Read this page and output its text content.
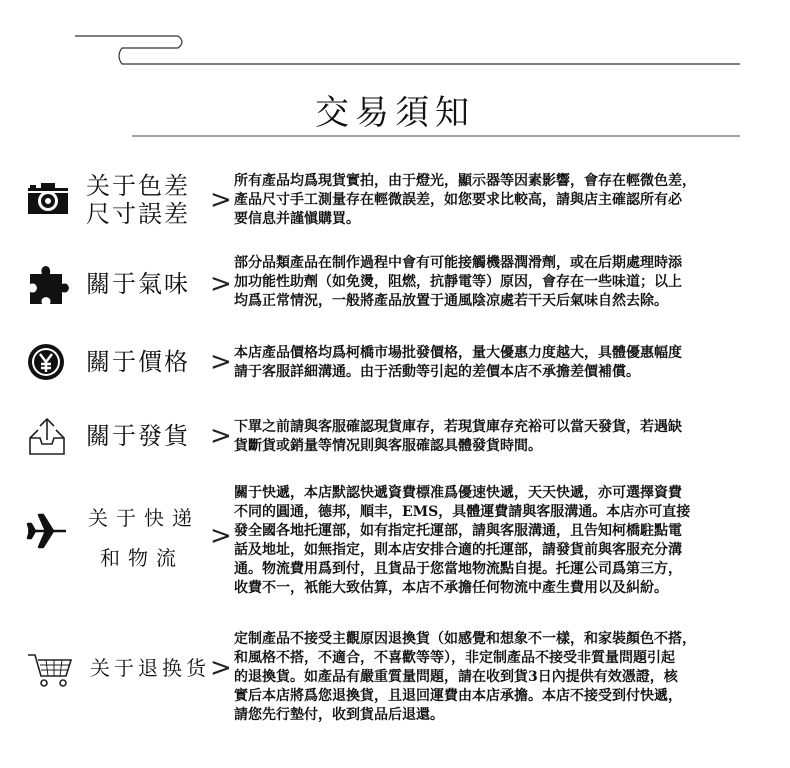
交易須知
关于色差
尺寸誤差 >

所有產品均爲現貨實拍，由于燈光，顯示器等因素影響，會存在輕微色差，

產品尺寸手工測量存在輕微誤差，如您要求比較高，請與店主確認所有必

要信息并謹愼購買。

關于氣味 >

部分品類產品在制作過程中會有可能接觸機器潤滑劑，或在后期處理時添

加功能性助劑（如免燙，阻燃，抗靜電等）原因，會存在一些味道；以上

均爲正常情況，一般將產品放置于通風陰凉處若干天后氣味自然去除。

關于價格 > 本店產品價格均爲柯橋市場批發價格，量大優惠力度越大，具體優惠幅度

請于客服詳細溝通。由于活動等引起的差價本店不承擔差價補償。

關于發貨 > 下單之前請與客服確認現貨庫存，若現貨庫存充裕可以當天發貨，若遇缺

貨斷貨或銷量等情况則與客服確認具體發貨時間。

关于快递
和物流
>

關于快遞，本店默認快遞資費標准爲優速快遞，天天快遞，亦可選擇資費

不同的圓通，德邦，順丰，EMS，具體運費請與客服溝通。本店亦可直接

發全國各地托運部，如有指定托運部，請與客服溝通，且告知柯橋駐點電

話及地址，如無指定，則本店安排合適的托運部，請發貨前與客服充分溝

通。物流費用爲到付，且貨品于您當地物流點自提。托運公司爲第三方，

收費不一，衹能大致估算，本店不承擔任何物流中產生費用以及糾紛。

关于退换货 >

定制產品不接受主觀原因退換貨（如感覺和想象不一樣，和家裝顏色不搭，

和風格不搭，不適合，不喜歡等等），非定制產品不接受非質量問題引起

的退換貨。如產品有嚴重質量問題，請在收到貨3日內提供有效憑證，核

實后本店將爲您退換貨，且退回運費由本店承擔。本店不接受到付快遞，

請您先行墊付，收到貨品后退還。
